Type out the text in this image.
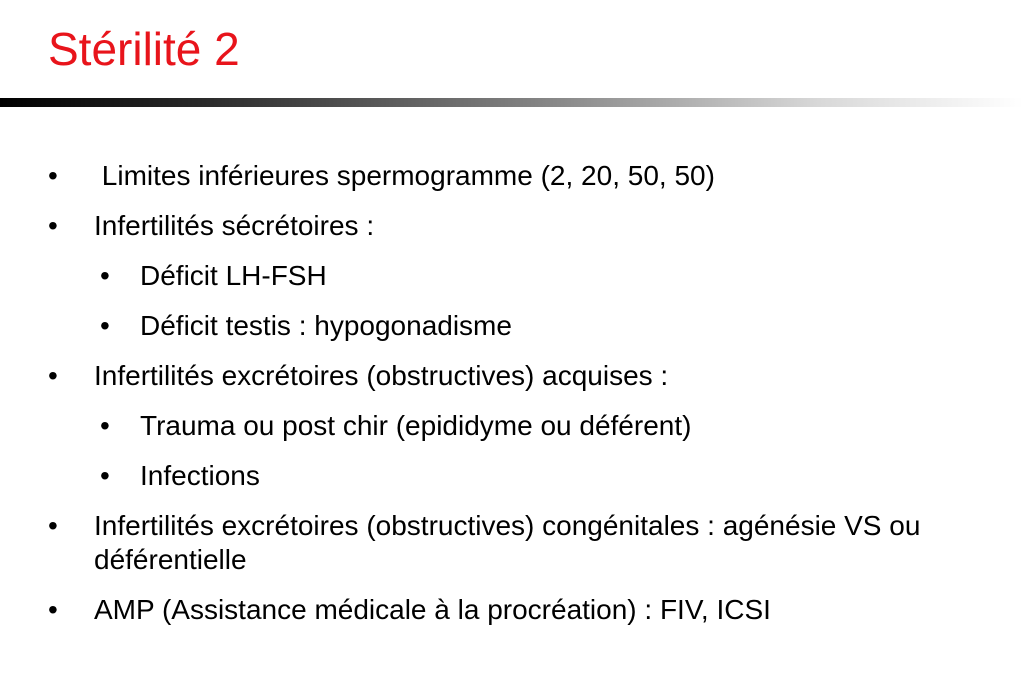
Stérilité 2
• Limites inférieures spermogramme (2, 20, 50, 50)
• Infertilités sécrétoires :
• Déficit LH-FSH
• Déficit testis : hypogonadisme
• Infertilités excrétoires (obstructives) acquises :
• Trauma ou post chir (epididyme ou déférent)
• Infections
• Infertilités excrétoires (obstructives) congénitales : agénésie VS ou déférentielle
• AMP (Assistance médicale à la procréation) : FIV, ICSI
